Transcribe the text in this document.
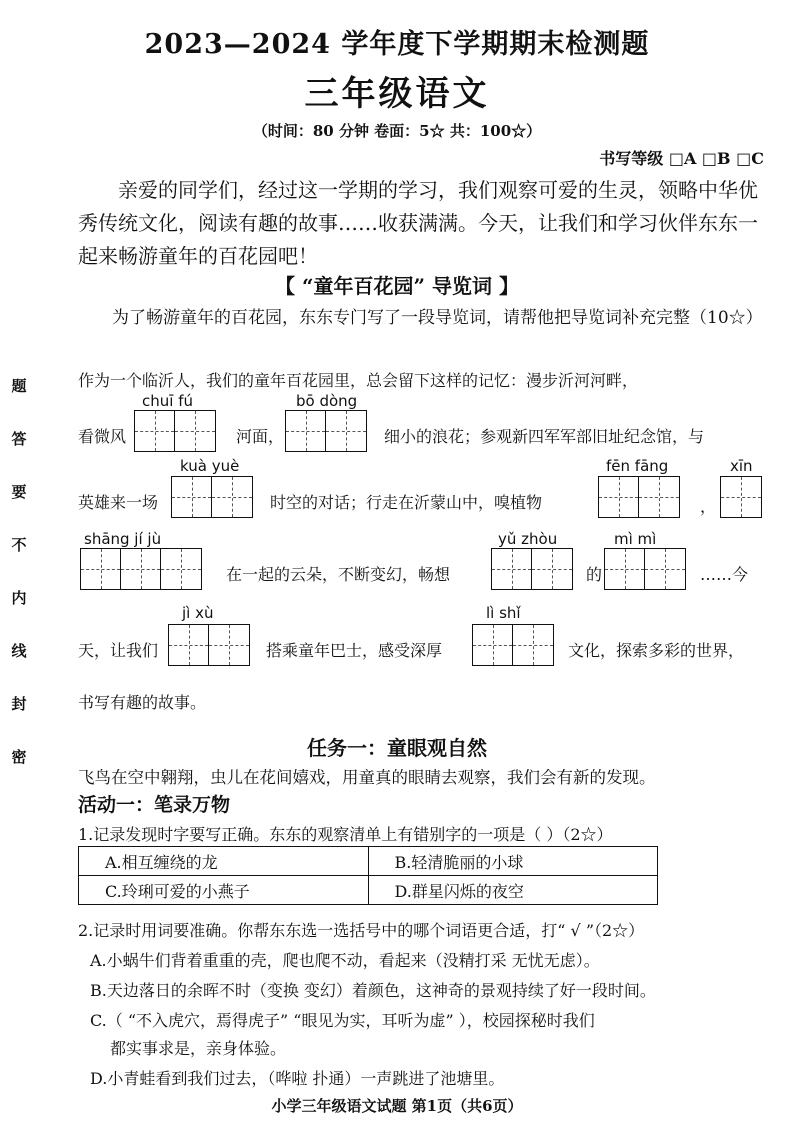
2023—2024 学年度下学期期末检测题
三年级语文
（时间：80 分钟 卷面：5☆ 共：100☆）
书写等级 □A □B □C
题
答
要
不
内
线
封
密
亲爱的同学们，经过这一学期的学习，我们观察可爱的生灵，领略中华优秀传统文化，阅读有趣的故事……收获满满。今天，让我们和学习伙伴东东一起来畅游童年的百花园吧！
【 “童年百花园” 导览词 】
为了畅游童年的百花园，东东专门写了一段导览词，请帮他把导览词补充完整（10☆）
作为一个临沂人，我们的童年百花园里，总会留下这样的记忆：漫步沂河河畔，
chuī fú	bō dòng
看微风	河面，	细小的浪花；参观新四军军部旧址纪念馆，与
kuà yuè	fēn fāng	xīn
英雄来一场	时空的对话；行走在沂蒙山中，嗅植物	，
shāng jí jù	yǔ zhòu	mì mì
在一起的云朵，不断变幻，畅想	的	……今
jì xù	lì shǐ
天，让我们	搭乘童年巴士，感受深厚	文化，探索多彩的世界，
书写有趣的故事。
任务一：童眼观自然
飞鸟在空中翱翔，虫儿在花间嬉戏，用童真的眼睛去观察，我们会有新的发现。
活动一：笔录万物
1.记录发现时字要写正确。东东的观察清单上有错别字的一项是（ ）（2☆）
A.相互缠绕的龙	B.轻清脆丽的小球
C.玲琍可爱的小燕子	D.群星闪烁的夜空
2.记录时用词要准确。你帮东东选一选括号中的哪个词语更合适，打“ √ ”（2☆）
A.小蜗牛们背着重重的壳，爬也爬不动，看起来（没精打采 无忧无虑）。
B.天边落日的余晖不时（变换 变幻）着颜色，这神奇的景观持续了好一段时间。
C.（ “不入虎穴，焉得虎子” “眼见为实，耳听为虚” ），校园探秘时我们
都实事求是，亲身体验。
D.小青蛙看到我们过去，（哗啦 扑通）一声跳进了池塘里。
小学三年级语文试题 第1页（共6页）
